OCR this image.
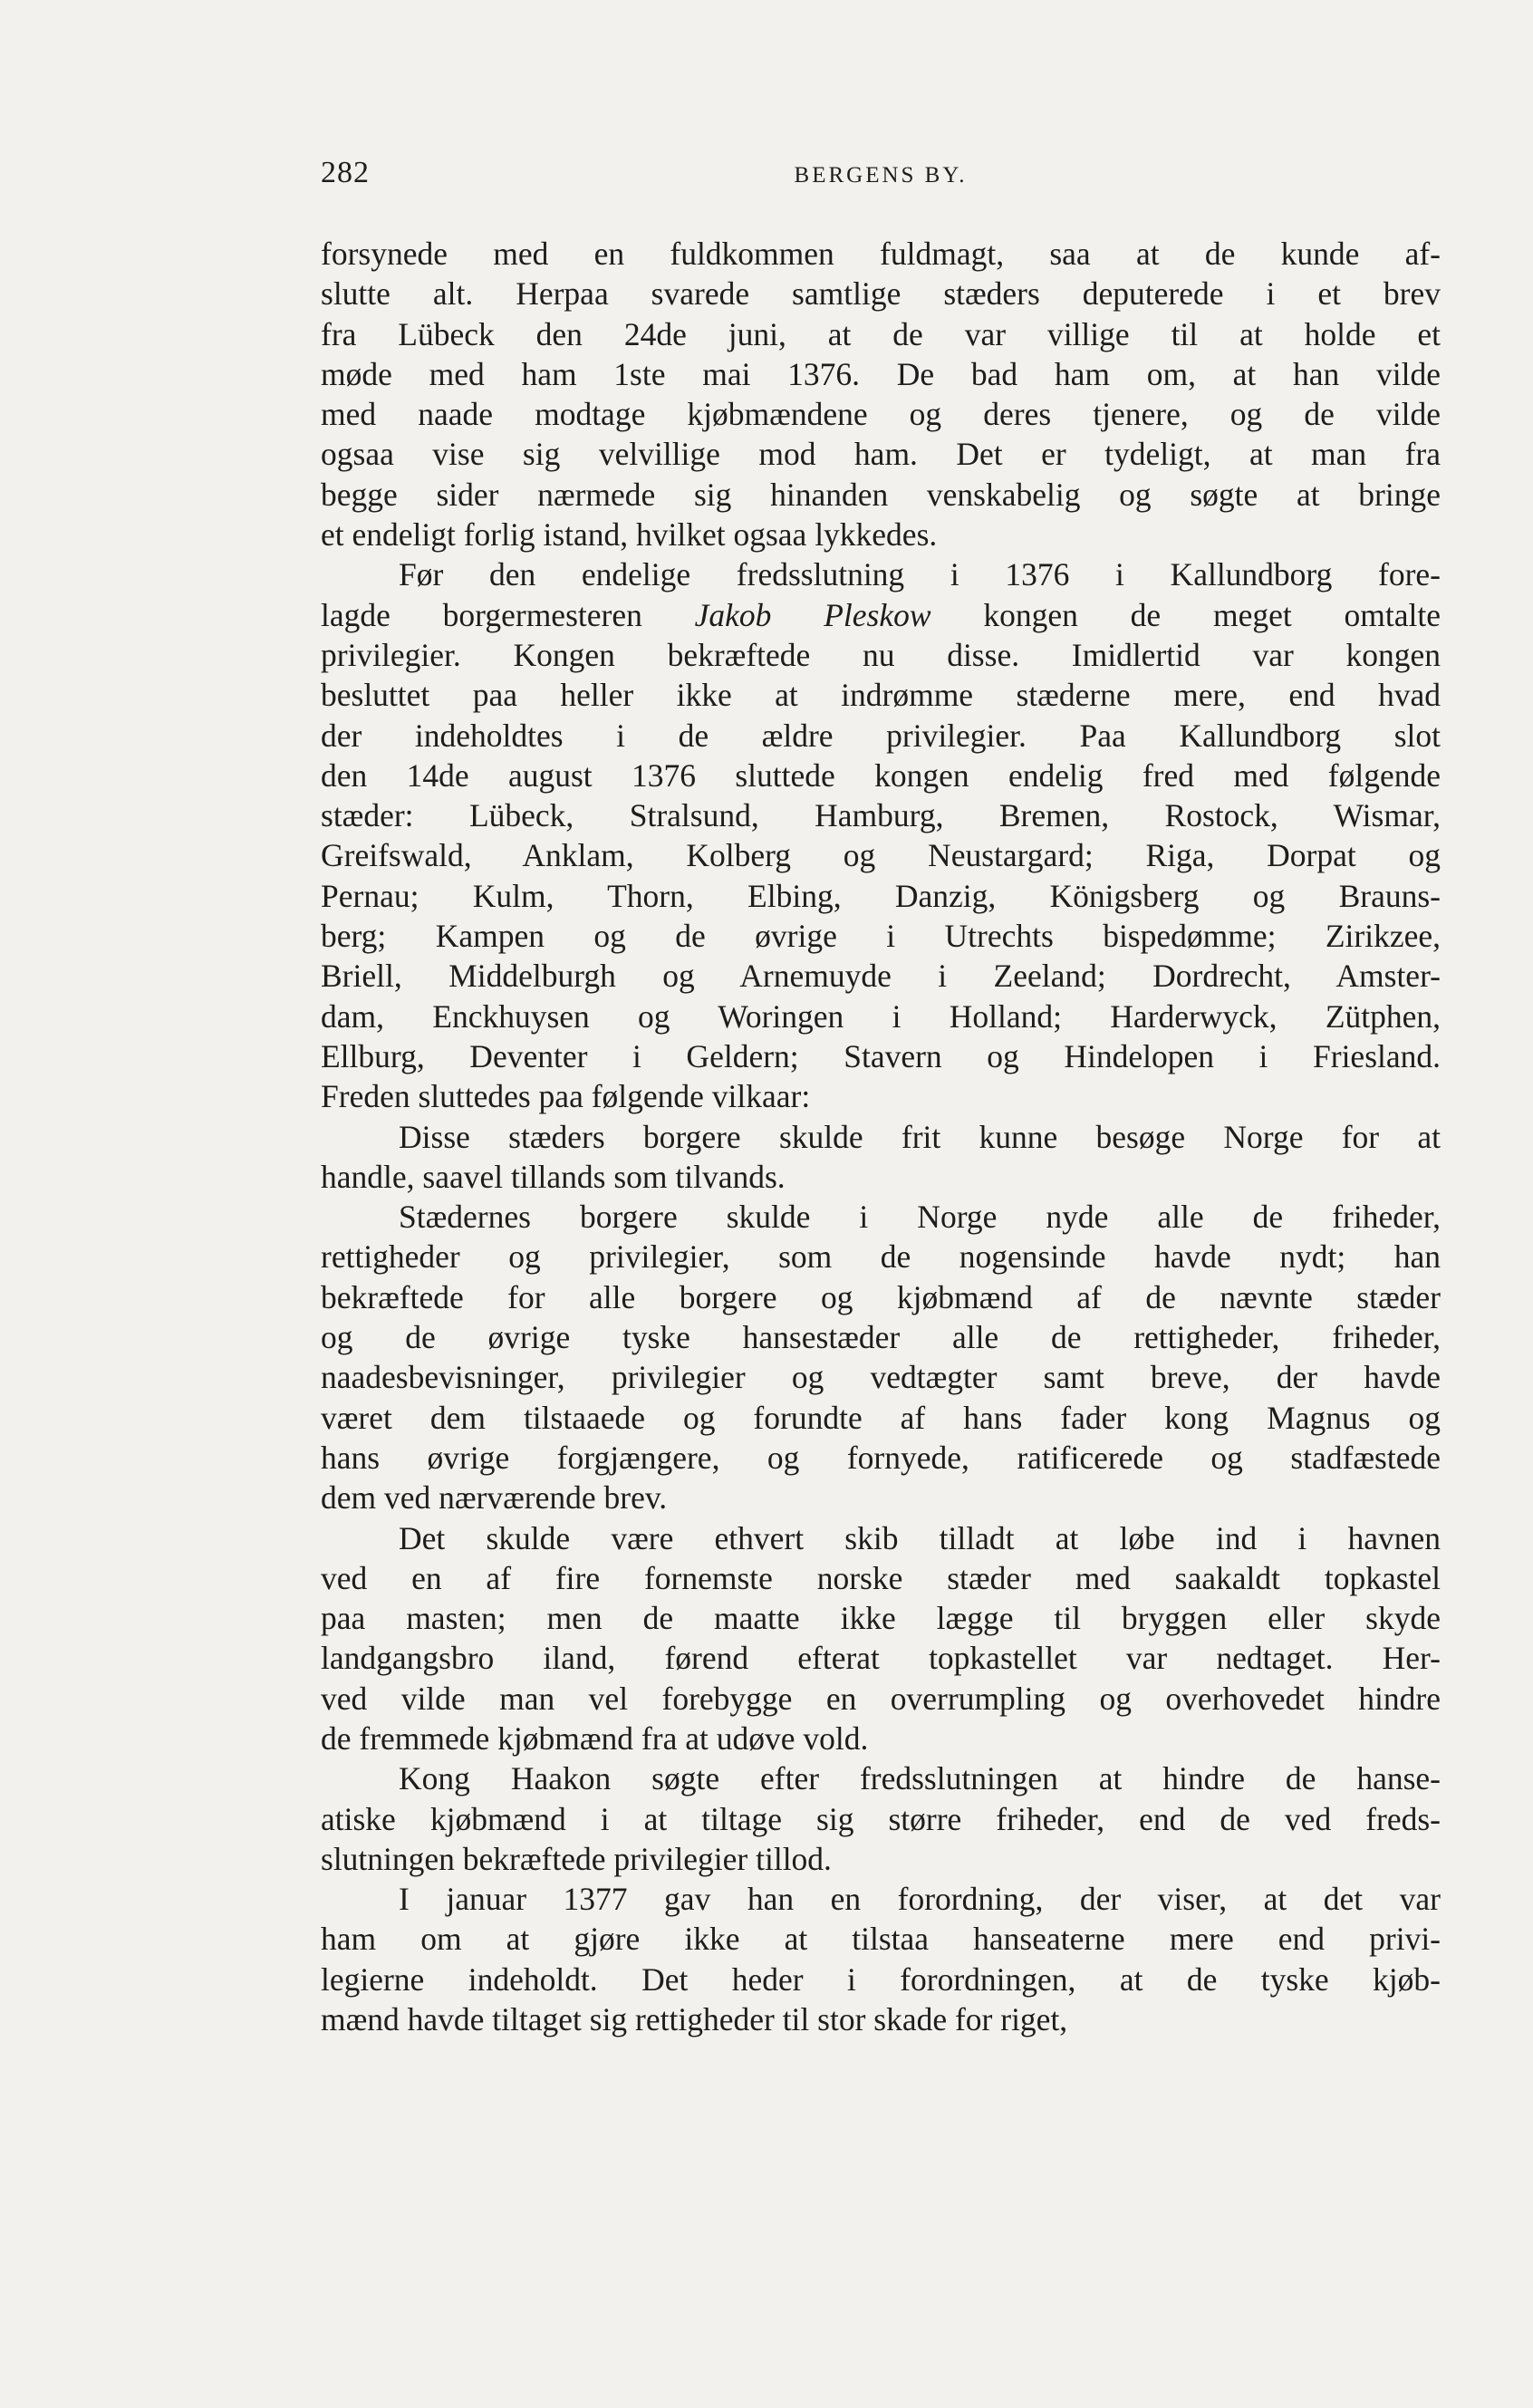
282	BERGENS BY.

forsynede med en fuldkommen fuldmagt, saa at de kunde af-
slutte alt. Herpaa svarede samtlige stæders deputerede i et brev
fra Lübeck den 24de juni, at de var villige til at holde et
møde med ham 1ste mai 1376. De bad ham om, at han vilde
med naade modtage kjøbmændene og deres tjenere, og de vilde
ogsaa vise sig velvillige mod ham. Det er tydeligt, at man fra
begge sider nærmede sig hinanden venskabelig og søgte at bringe
et endeligt forlig istand, hvilket ogsaa lykkedes.

Før den endelige fredsslutning i 1376 i Kallundborg fore-
lagde borgermesteren Jakob Pleskow kongen de meget omtalte
privilegier. Kongen bekræftede nu disse. Imidlertid var kongen
besluttet paa heller ikke at indrømme stæderne mere, end hvad
der indeholdtes i de ældre privilegier. Paa Kallundborg slot
den 14de august 1376 sluttede kongen endelig fred med følgende
stæder: Lübeck, Stralsund, Hamburg, Bremen, Rostock, Wismar,
Greifswald, Anklam, Kolberg og Neustargard; Riga, Dorpat og
Pernau; Kulm, Thorn, Elbing, Danzig, Königsberg og Brauns-
berg; Kampen og de øvrige i Utrechts bispedømme; Zirikzee,
Briell, Middelburgh og Arnemuyde i Zeeland; Dordrecht, Amster-
dam, Enckhuysen og Woringen i Holland; Harderwyck, Zütphen,
Ellburg, Deventer i Geldern; Stavern og Hindelopen i Friesland.
Freden sluttedes paa følgende vilkaar:

Disse stæders borgere skulde frit kunne besøge Norge for at
handle, saavel tillands som tilvands.

Stædernes borgere skulde i Norge nyde alle de friheder,
rettigheder og privilegier, som de nogensinde havde nydt; han
bekræftede for alle borgere og kjøbmænd af de nævnte stæder
og de øvrige tyske hansestæder alle de rettigheder, friheder,
naadesbevisninger, privilegier og vedtægter samt breve, der havde
været dem tilstaaede og forundte af hans fader kong Magnus og
hans øvrige forgjængere, og fornyede, ratificerede og stadfæstede
dem ved nærværende brev.

Det skulde være ethvert skib tilladt at løbe ind i havnen
ved en af fire fornemste norske stæder med saakaldt topkastel
paa masten; men de maatte ikke lægge til bryggen eller skyde
landgangsbro iland, førend efterat topkastellet var nedtaget. Her-
ved vilde man vel forebygge en overrumpling og overhovedet hindre
de fremmede kjøbmænd fra at udøve vold.

Kong Haakon søgte efter fredsslutningen at hindre de hanse-
atiske kjøbmænd i at tiltage sig større friheder, end de ved freds-
slutningen bekræftede privilegier tillod.

I januar 1377 gav han en forordning, der viser, at det var
ham om at gjøre ikke at tilstaa hanseaterne mere end privi-
legierne indeholdt. Det heder i forordningen, at de tyske kjøb-
mænd havde tiltaget sig rettigheder til stor skade for riget,
